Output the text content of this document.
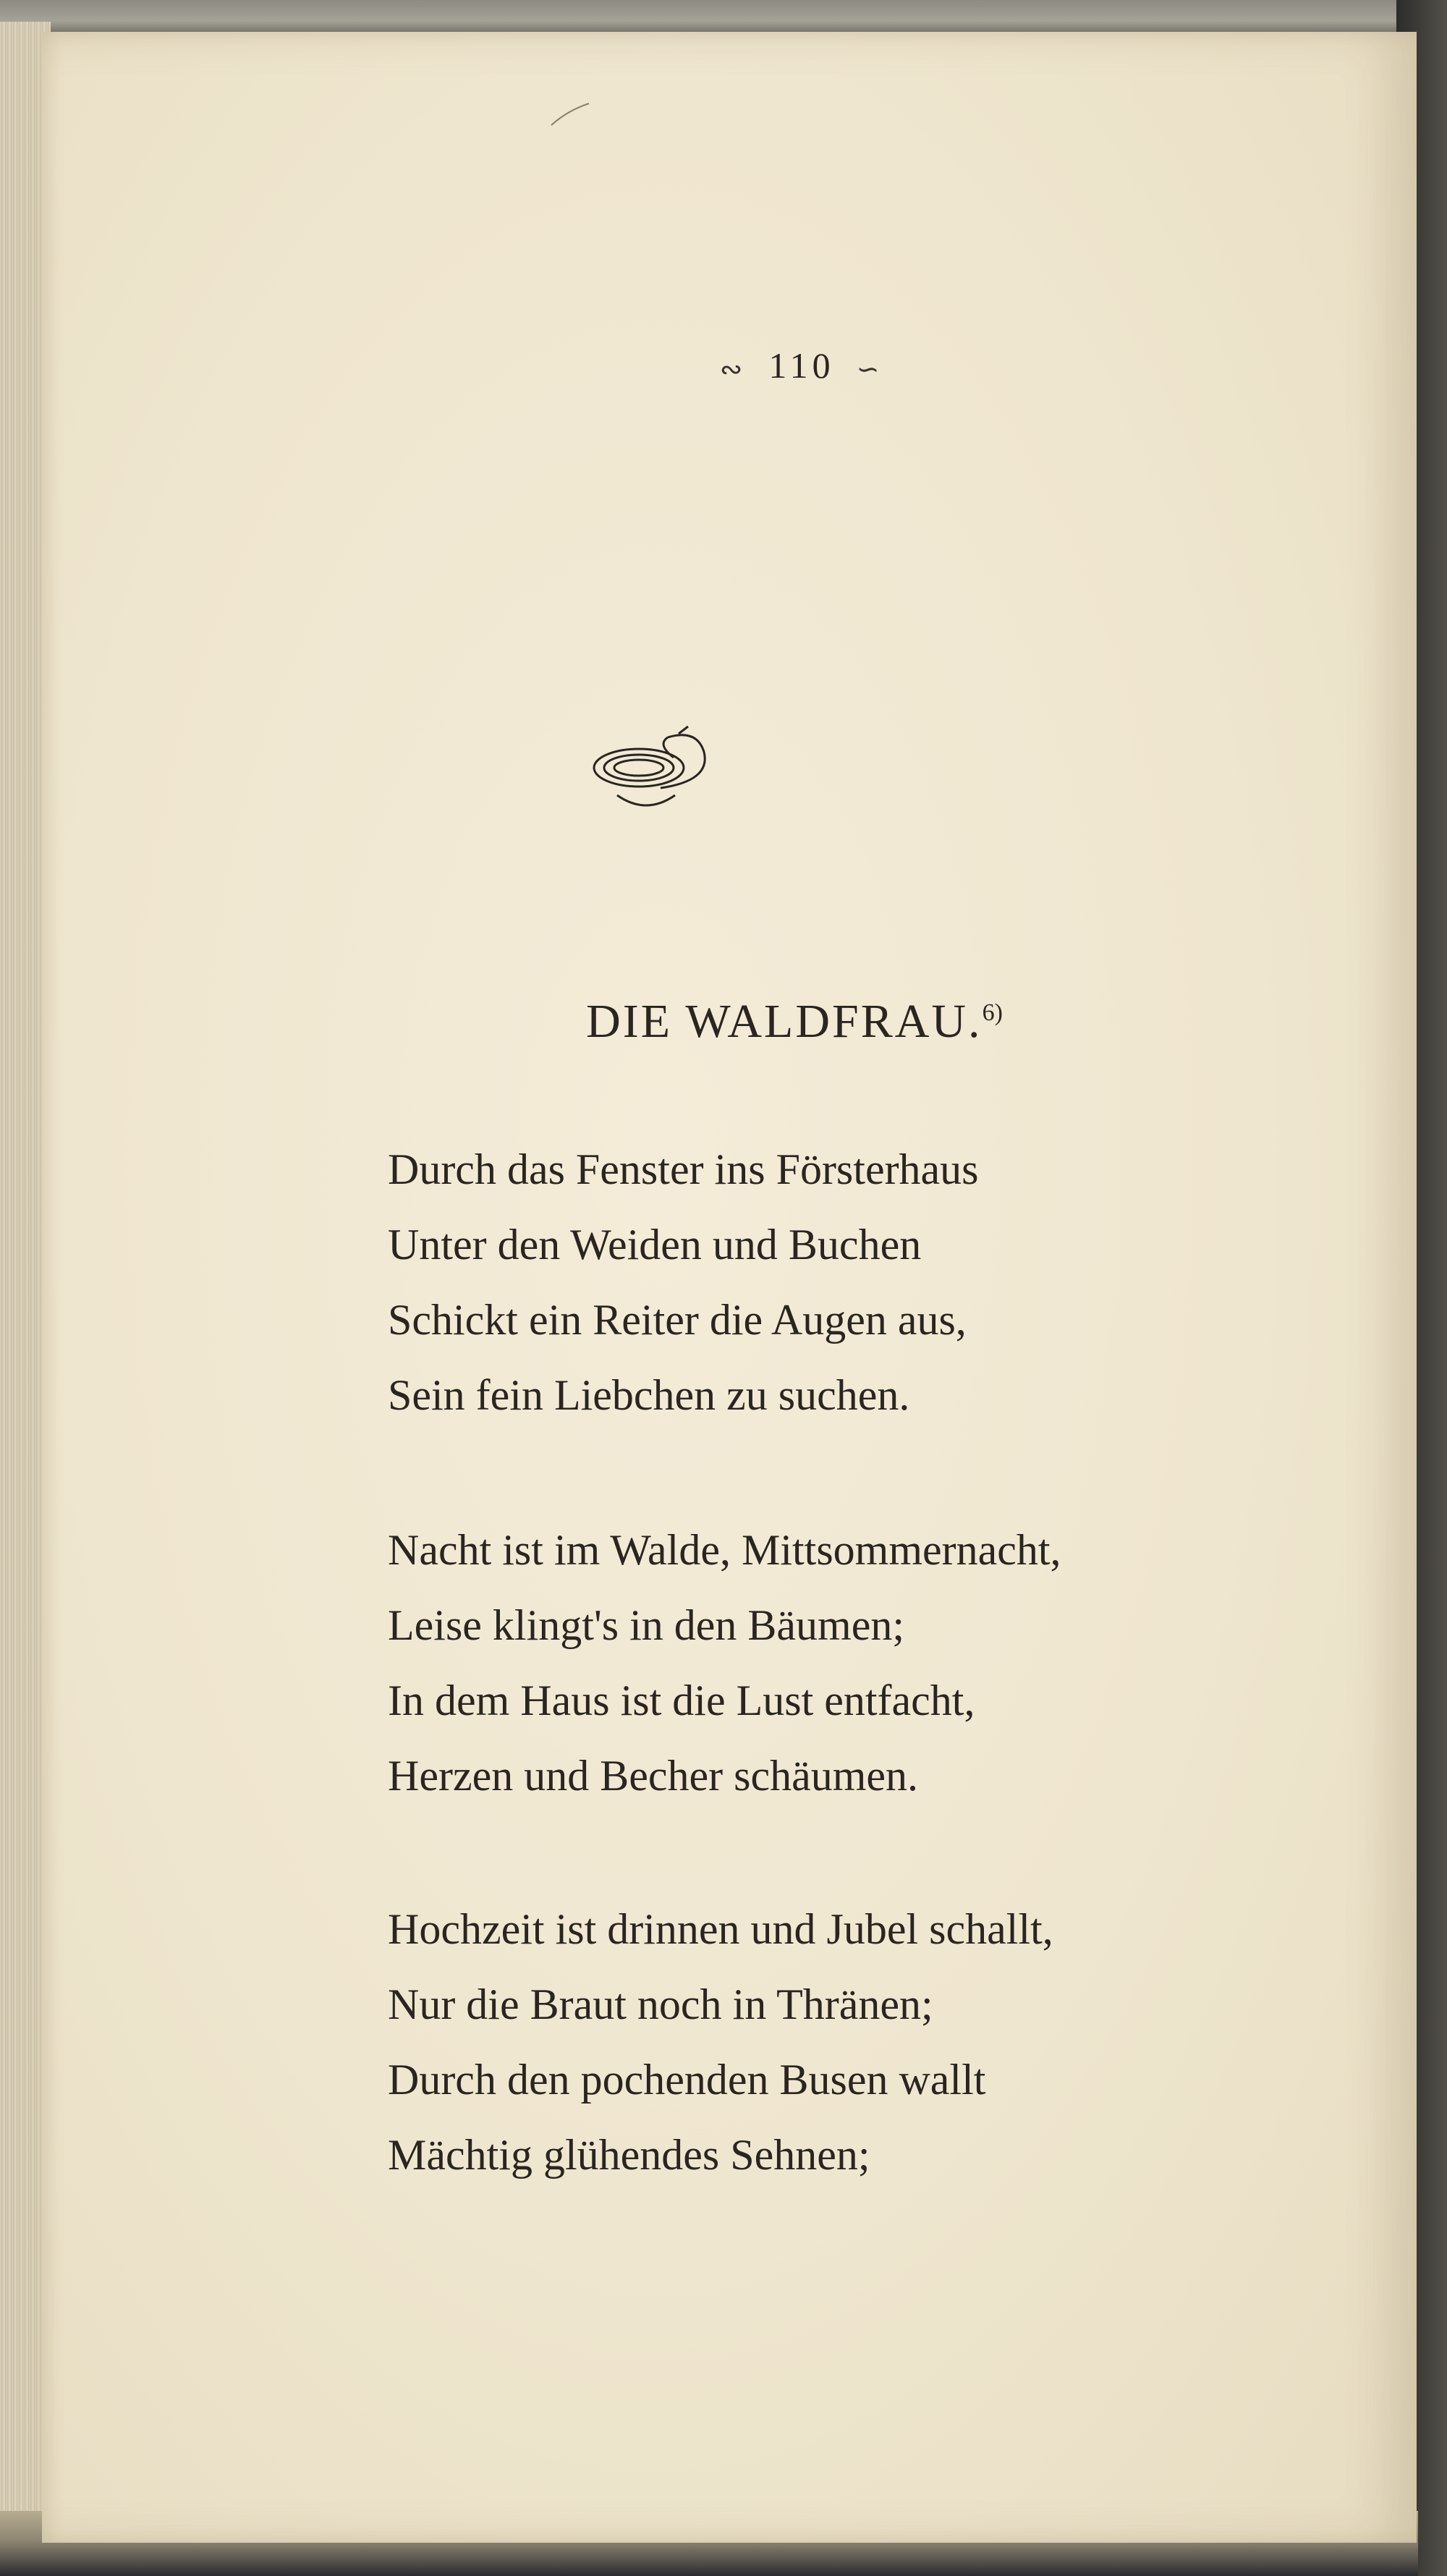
∾ 110 ∽
DIE WALDFRAU.$^{6)}$
Durch das Fenster ins Försterhaus
Unter den Weiden und Buchen
Schickt ein Reiter die Augen aus,
Sein fein Liebchen zu suchen.
Nacht ist im Walde, Mittsommernacht,
Leise klingt's in den Bäumen;
In dem Haus ist die Lust entfacht,
Herzen und Becher schäumen.
Hochzeit ist drinnen und Jubel schallt,
Nur die Braut noch in Thränen;
Durch den pochenden Busen wallt
Mächtig glühendes Sehnen;
